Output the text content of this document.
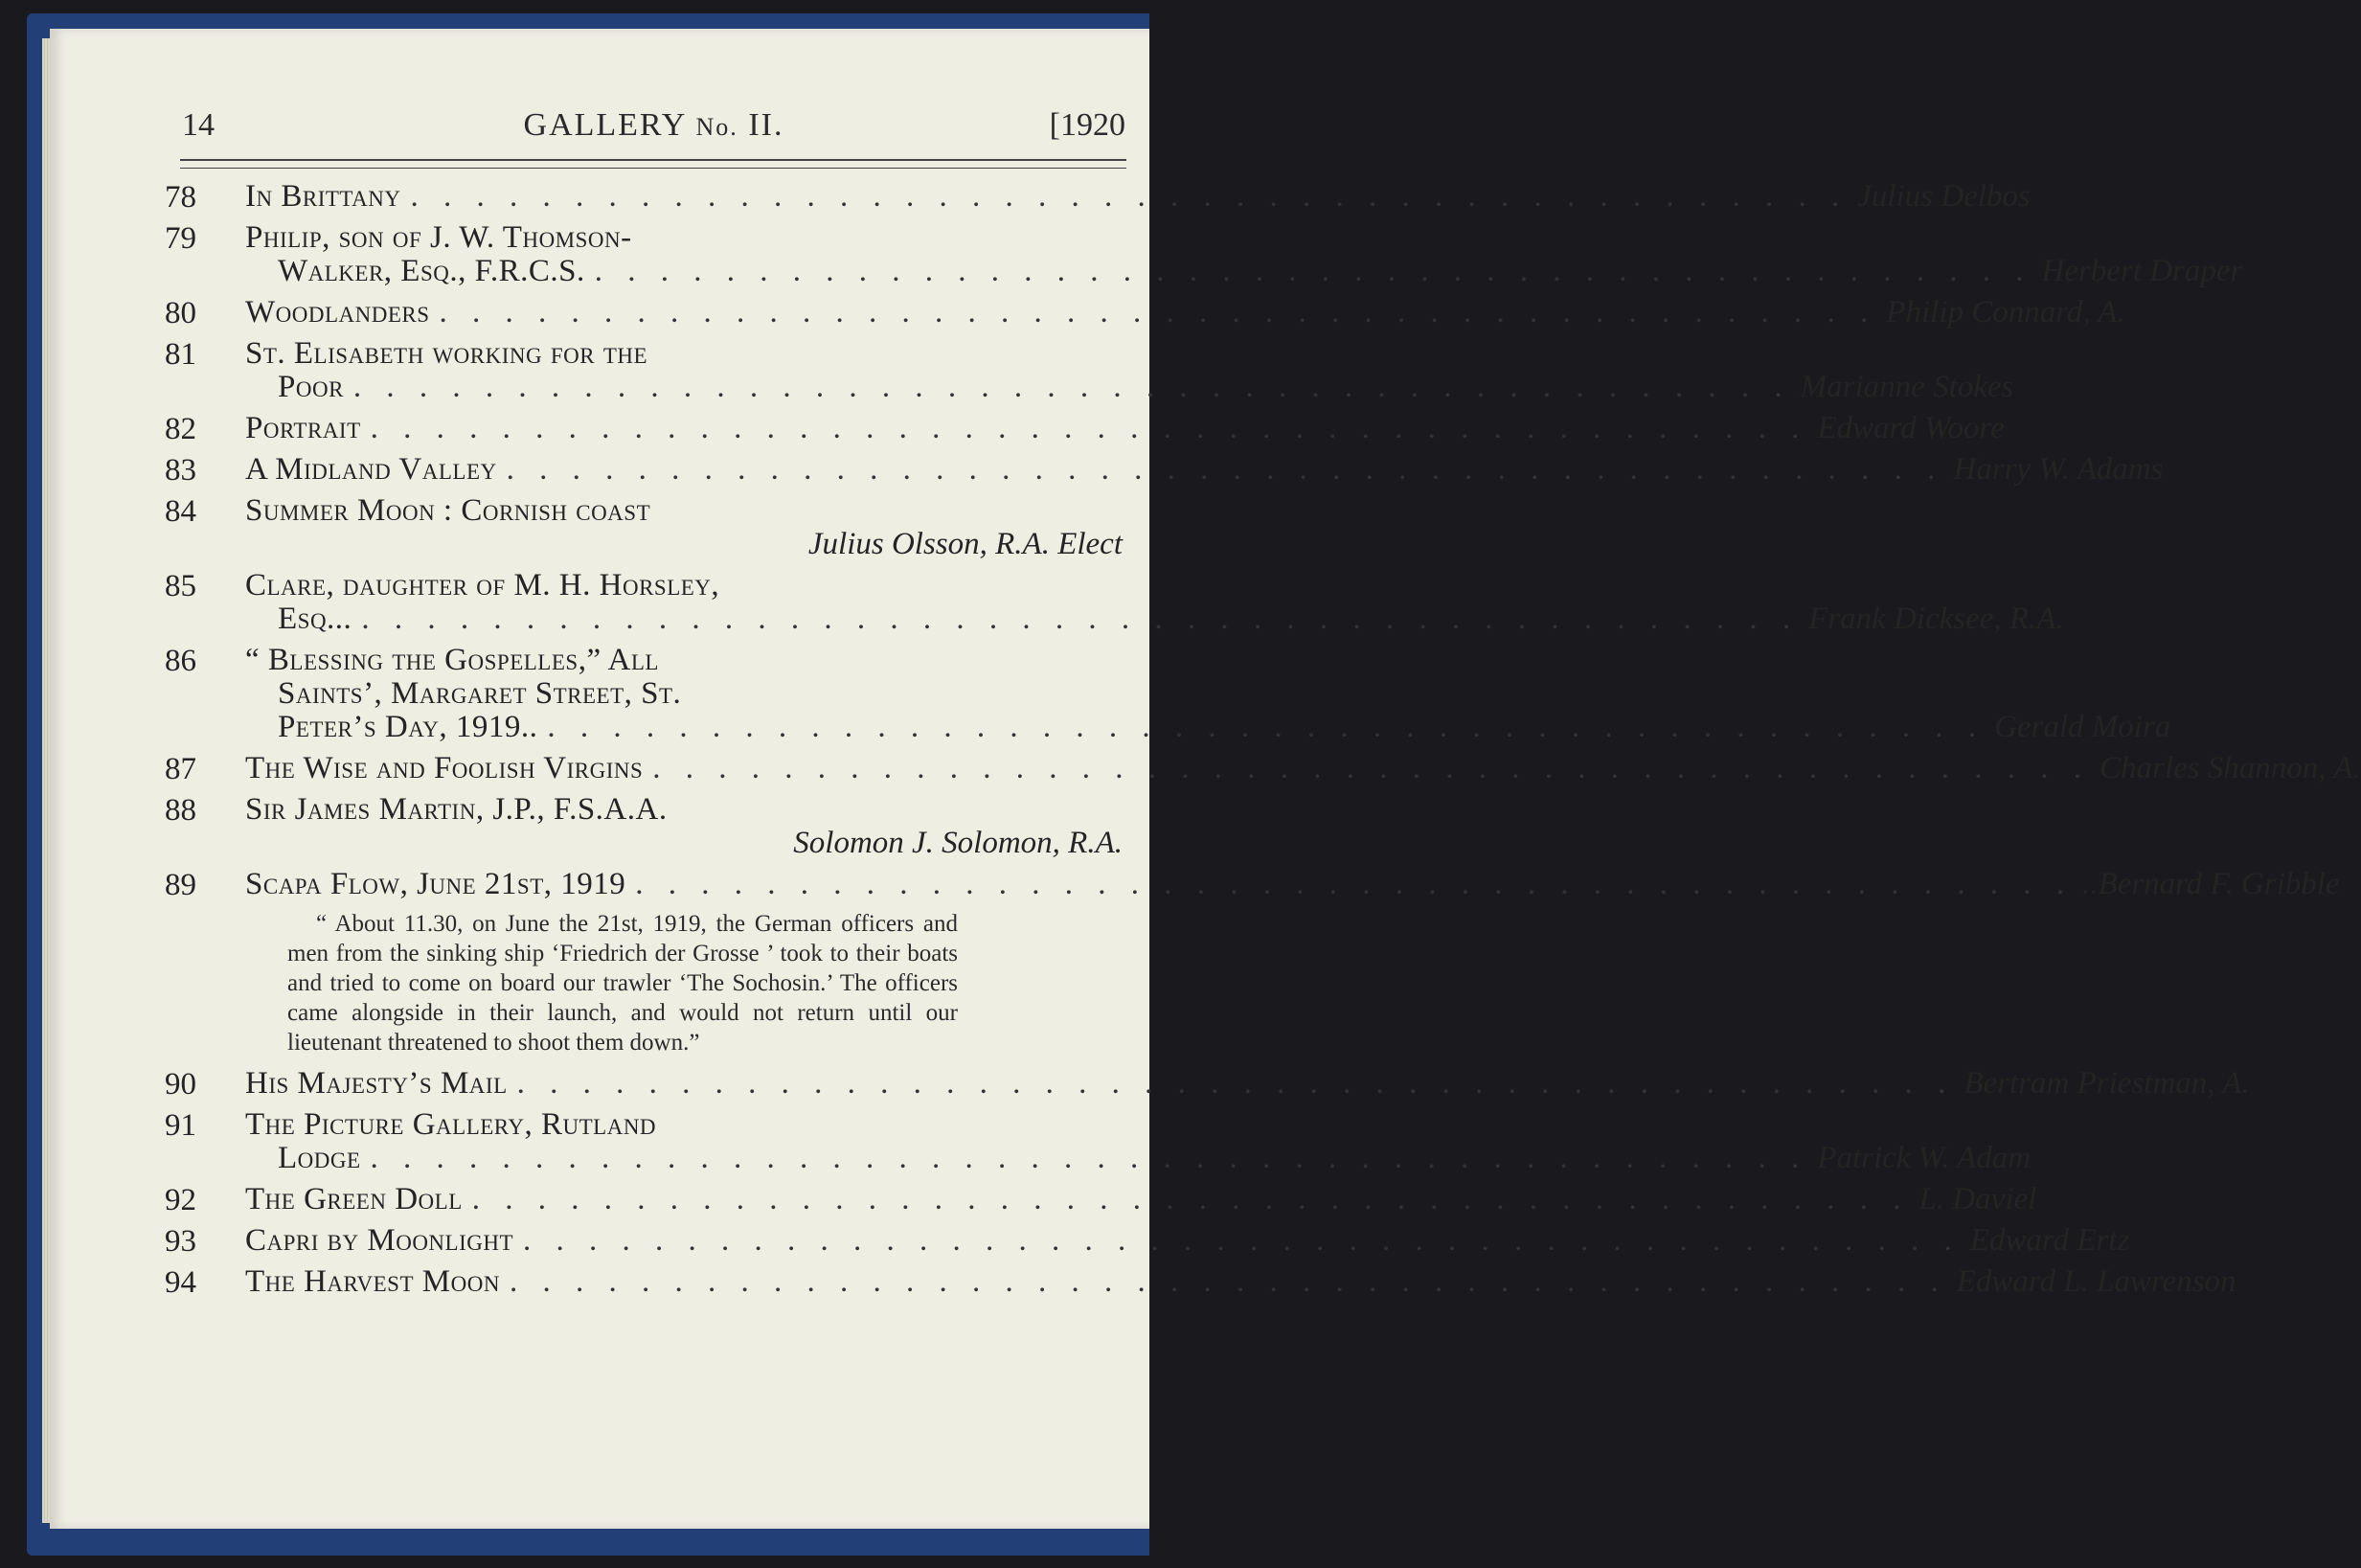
14	GALLERY No. II.	[1920
78	In Brittany . . . . . . . . . . . . . . . . . . . . . . . . . . . . . . . . . . . . . . . . . . . . Julius Delbos
79	Philip, son of J. W. Thomson-
Walker, Esq., F.R.C.S. . . . . . . . . . . . . . . . . . . . . . . . . . . . . . . . . . . . . . . . . . . . . Herbert Draper
80	Woodlanders . . . . . . . . . . . . . . . . . . . . . . . . . . . . . . . . . . . . . . . . . . . . Philip Connard, A.
81	St. Elisabeth working for the
Poor . . . . . . . . . . . . . . . . . . . . . . . . . . . . . . . . . . . . . . . . . . . . Marianne Stokes
82	Portrait . . . . . . . . . . . . . . . . . . . . . . . . . . . . . . . . . . . . . . . . . . . . Edward Woore
83	A Midland Valley . . . . . . . . . . . . . . . . . . . . . . . . . . . . . . . . . . . . . . . . . . . . Harry W. Adams
84	Summer Moon : Cornish coast
Julius Olsson, R.A. Elect
85	Clare, daughter of M. H. Horsley,
Esq... . . . . . . . . . . . . . . . . . . . . . . . . . . . . . . . . . . . . . . . . . . . . Frank Dicksee, R.A.
86	“ Blessing the Gospelles,” All
Saints’, Margaret Street, St.
Peter’s Day, 1919.. . . . . . . . . . . . . . . . . . . . . . . . . . . . . . . . . . . . . . . . . . . . . Gerald Moira
87	The Wise and Foolish Virgins . . . . . . . . . . . . . . . . . . . . . . . . . . . . . . . . . . . . . . . . . . . . Charles Shannon, A.
88	Sir James Martin, J.P., F.S.A.A.
Solomon J. Solomon, R.A.
89	Scapa Flow, June 21st, 1919 . . . . . . . . . . . . . . . . . . . . . . . . . . . . . . . . . . . . . . . . . . . . ..Bernard F. Gribble
“ About 11.30, on June the 21st, 1919, the German officers and men from the sinking ship ‘Friedrich der Grosse ’ took to their boats and tried to come on board our trawler ‘The Sochosin.’ The officers came alongside in their launch, and would not return until our lieutenant threatened to shoot them down.”
90	His Majesty’s Mail . . . . . . . . . . . . . . . . . . . . . . . . . . . . . . . . . . . . . . . . . . . . Bertram Priestman, A.
91	The Picture Gallery, Rutland
Lodge . . . . . . . . . . . . . . . . . . . . . . . . . . . . . . . . . . . . . . . . . . . . Patrick W. Adam
92	The Green Doll . . . . . . . . . . . . . . . . . . . . . . . . . . . . . . . . . . . . . . . . . . . . L. Daviel
93	Capri by Moonlight . . . . . . . . . . . . . . . . . . . . . . . . . . . . . . . . . . . . . . . . . . . . Edward Ertz
94	The Harvest Moon . . . . . . . . . . . . . . . . . . . . . . . . . . . . . . . . . . . . . . . . . . . . Edward L. Lawrenson
